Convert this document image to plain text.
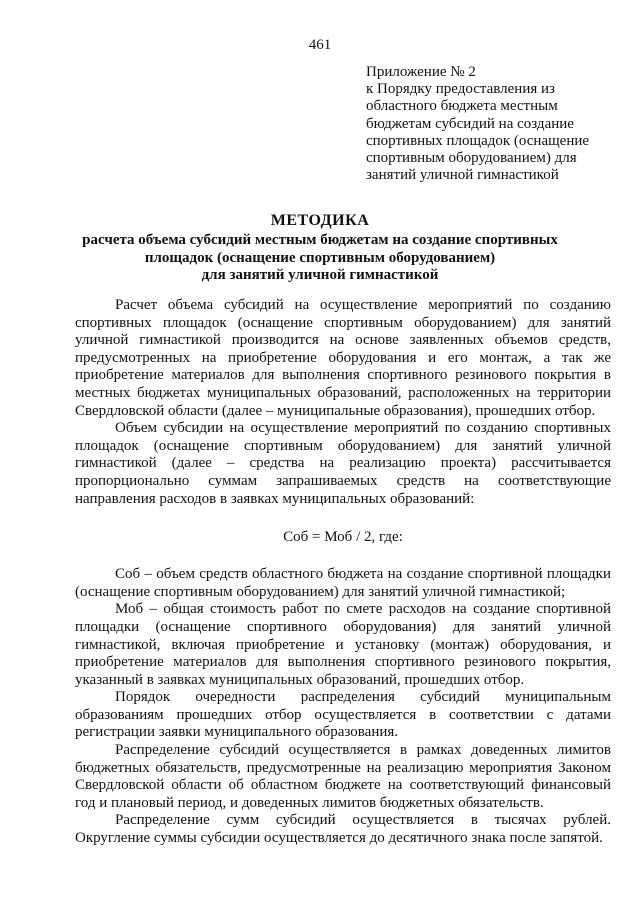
461
Приложение № 2
к Порядку предоставления из
областного бюджета местным
бюджетам субсидий на создание
спортивных площадок (оснащение
спортивным оборудованием) для
занятий уличной гимнастикой
МЕТОДИКА
расчета объема субсидий местным бюджетам на создание спортивных
площадок (оснащение спортивным оборудованием)
для занятий уличной гимнастикой

Расчет объема субсидий на осуществление мероприятий по созданию спортивных площадок (оснащение спортивным оборудованием) для занятий уличной гимнастикой производится на основе заявленных объемов средств, предусмотренных на приобретение оборудования и его монтаж, а так же приобретение материалов для выполнения спортивного резинового покрытия в местных бюджетах муниципальных образований, расположенных на территории Свердловской области (далее – муниципальные образования), прошедших отбор.

Объем субсидии на осуществление мероприятий по созданию спортивных площадок (оснащение спортивным оборудованием) для занятий уличной гимнастикой (далее – средства на реализацию проекта) рассчитывается пропорционально суммам запрашиваемых средств на соответствующие направления расходов в заявках муниципальных образований:

Соб = Моб / 2, где:

Соб – объем средств областного бюджета на создание спортивной площадки (оснащение спортивным оборудованием) для занятий уличной гимнастикой;

Моб – общая стоимость работ по смете расходов на создание спортивной площадки (оснащение спортивного оборудования) для занятий уличной гимнастикой, включая приобретение и установку (монтаж) оборудования, и приобретение материалов для выполнения спортивного резинового покрытия, указанный в заявках муниципальных образований, прошедших отбор.

Порядок очередности распределения субсидий муниципальным образованиям прошедших отбор осуществляется в соответствии с датами регистрации заявки муниципального образования.

Распределение субсидий осуществляется в рамках доведенных лимитов бюджетных обязательств, предусмотренные на реализацию мероприятия Законом Свердловской области об областном бюджете на соответствующий финансовый год и плановый период, и доведенных лимитов бюджетных обязательств.

Распределение сумм субсидий осуществляется в тысячах рублей. Округление суммы субсидии осуществляется до десятичного знака после запятой.
